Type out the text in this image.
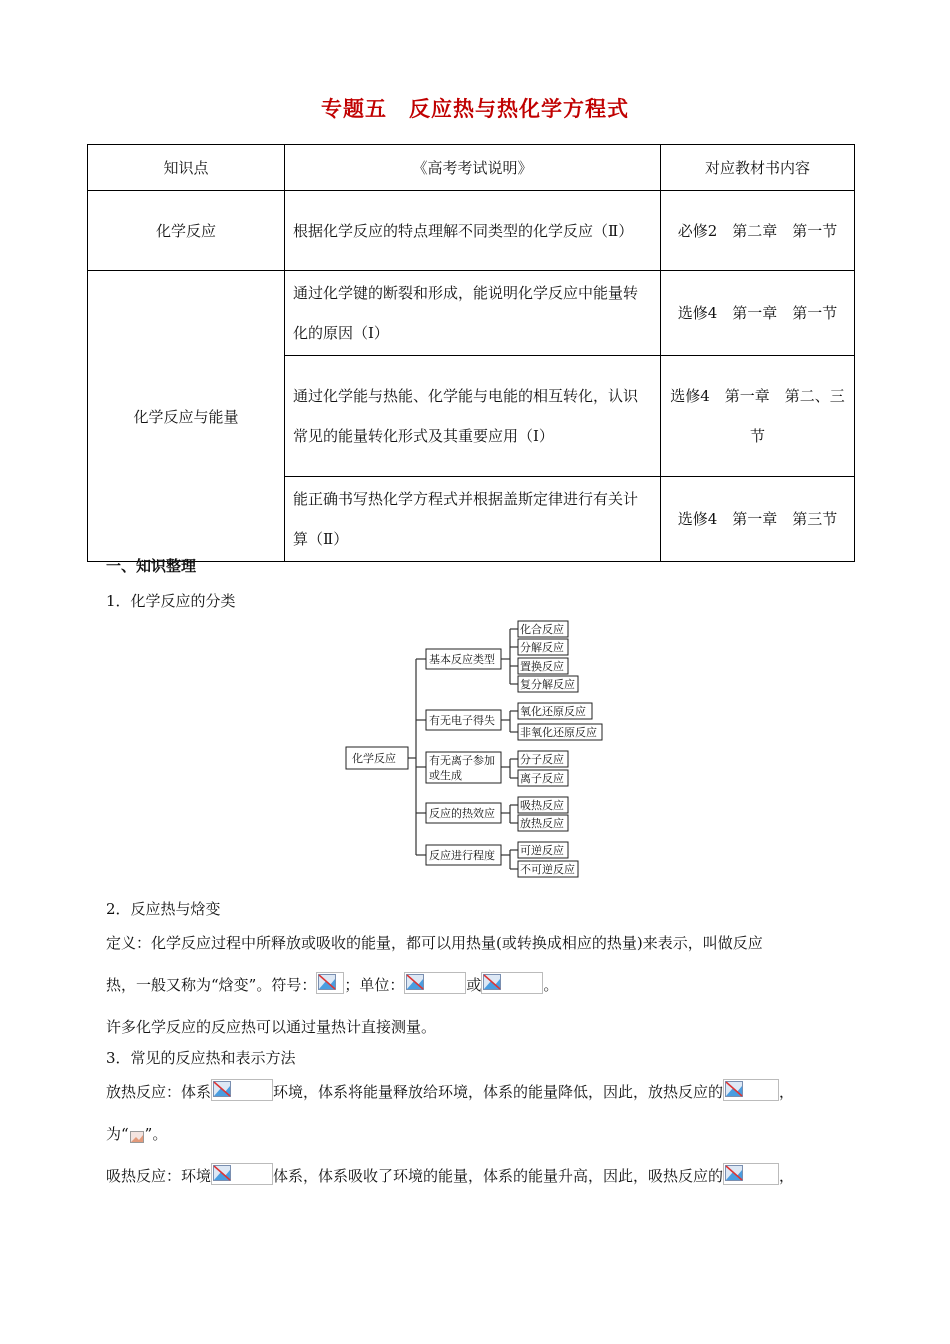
专题五　反应热与热化学方程式
知识点	《高考考试说明》	对应教材书内容
化学反应	根据化学反应的特点理解不同类型的化学反应（Ⅱ）	必修2　第二章　第一节
化学反应与能量	通过化学键的断裂和形成，能说明化学反应中能量转化的原因（Ⅰ）	选修4　第一章　第一节
	通过化学能与热能、化学能与电能的相互转化，认识常见的能量转化形式及其重要应用（Ⅰ）	选修4　第一章　第二、三节
	能正确书写热化学方程式并根据盖斯定律进行有关计算（Ⅱ）	选修4　第一章　第三节
一、知识整理
1．化学反应的分类
化学反应
基本反应类型
有无电子得失
有无离子参加
或生成
反应的热效应
反应进行程度
化合反应
分解反应
置换反应
复分解反应
氧化还原反应
非氧化还原反应
分子反应
离子反应
吸热反应
放热反应
可逆反应
不可逆反应
2．反应热与焓变
定义：化学反应过程中所释放或吸收的能量，都可以用热量(或转换成相应的热量)来表示，叫做反应
热，一般又称为“焓变”。符号： ；单位：	或	。
许多化学反应的反应热可以通过量热计直接测量。
3．常见的反应热和表示方法
放热反应：体系	环境，体系将能量释放给环境，体系的能量降低，因此，放热反应的	，
为“ ”。
吸热反应：环境	体系，体系吸收了环境的能量，体系的能量升高，因此，吸热反应的	，
